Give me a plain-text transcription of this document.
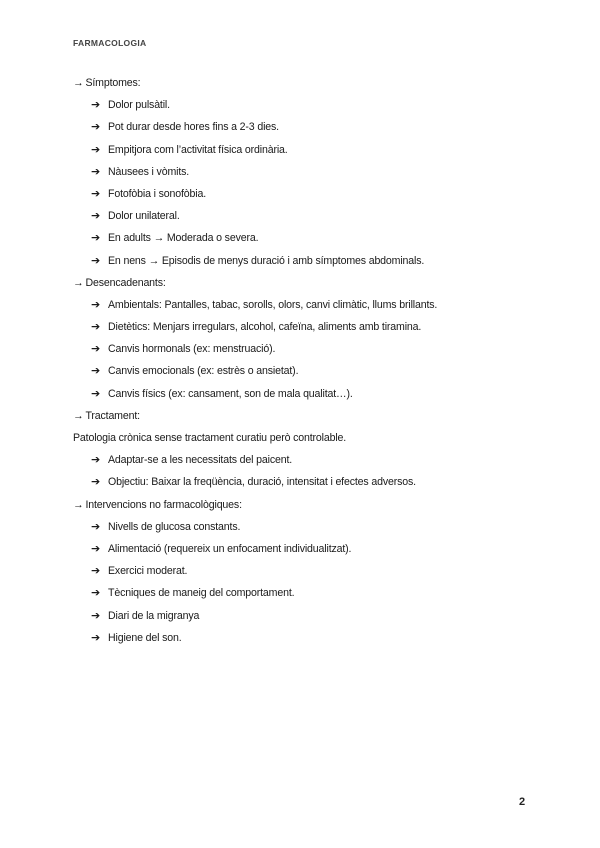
FARMACOLOGIA
→ Símptomes:
➔ Dolor pulsàtil.
➔ Pot durar desde hores fins a 2-3 dies.
➔ Empitjora com l’activitat física ordinària.
➔ Nàusees i vòmits.
➔ Fotofòbia i sonofòbia.
➔ Dolor unilateral.
➔ En adults → Moderada o severa.
➔ En nens → Episodis de menys duració i amb símptomes abdominals.
→ Desencadenants:
➔ Ambientals: Pantalles, tabac, sorolls, olors, canvi climàtic, llums brillants.
➔ Dietètics: Menjars irregulars, alcohol, cafeïna, aliments amb tiramina.
➔ Canvis hormonals (ex: menstruació).
➔ Canvis emocionals (ex: estrès o ansietat).
➔ Canvis físics (ex: cansament, son de mala qualitat…).
→ Tractament:
Patologia crònica sense tractament curatiu però controlable.
➔ Adaptar-se a les necessitats del paicent.
➔ Objectiu: Baixar la freqüència, duració, intensitat i efectes adversos.
→ Intervencions no farmacològiques:
➔ Nivells de glucosa constants.
➔ Alimentació (requereix un enfocament individualitzat).
➔ Exercici moderat.
➔ Tècniques de maneig del comportament.
➔ Diari de la migranya
➔ Higiene del son.
2
